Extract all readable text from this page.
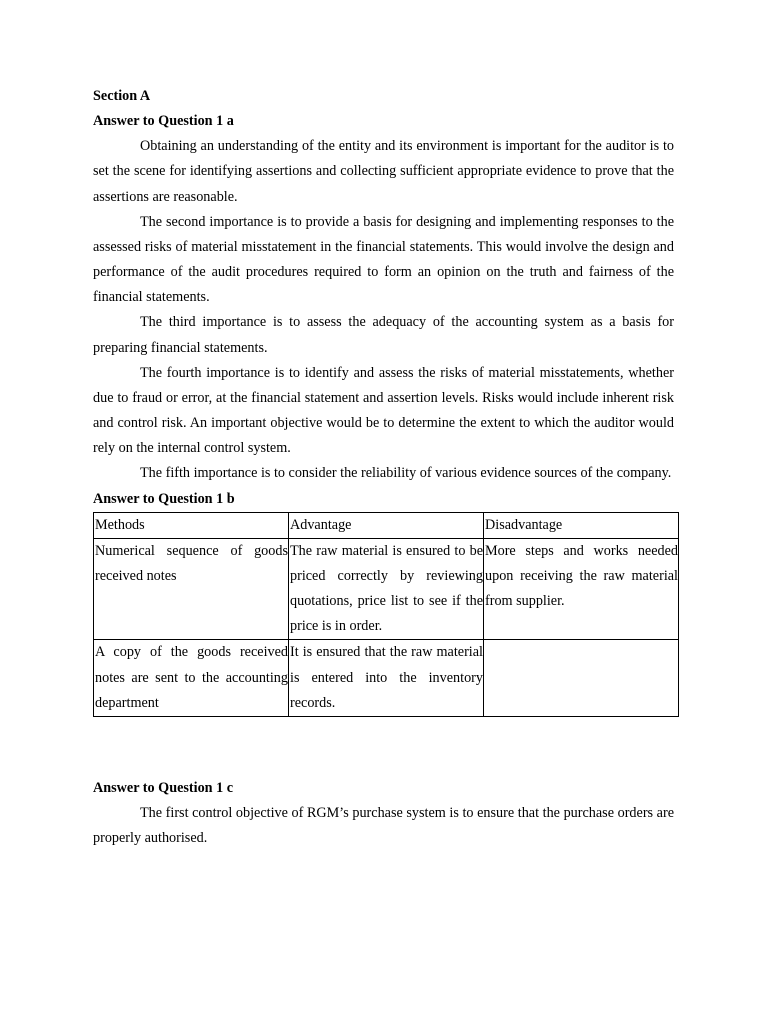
Section A

Answer to Question 1 a

Obtaining an understanding of the entity and its environment is important for the auditor is to set the scene for identifying assertions and collecting sufficient appropriate evidence to prove that the assertions are reasonable.

The second importance is to provide a basis for designing and implementing responses to the assessed risks of material misstatement in the financial statements. This would involve the design and performance of the audit procedures required to form an opinion on the truth and fairness of the financial statements.

The third importance is to assess the adequacy of the accounting system as a basis for preparing financial statements.

The fourth importance is to identify and assess the risks of material misstatements, whether due to fraud or error, at the financial statement and assertion levels. Risks would include inherent risk and control risk. An important objective would be to determine the extent to which the auditor would rely on the internal control system.

The fifth importance is to consider the reliability of various evidence sources of the company.

Answer to Question 1 b

Methods	Advantage	Disadvantage
Numerical sequence of goods received notes	The raw material is ensured to be priced correctly by reviewing quotations, price list to see if the price is in order.	More steps and works needed upon receiving the raw material from supplier.
A copy of the goods received notes are sent to the accounting department	It is ensured that the raw material is entered into the inventory records.	

Answer to Question 1 c

The first control objective of RGM’s purchase system is to ensure that the purchase orders are properly authorised.
